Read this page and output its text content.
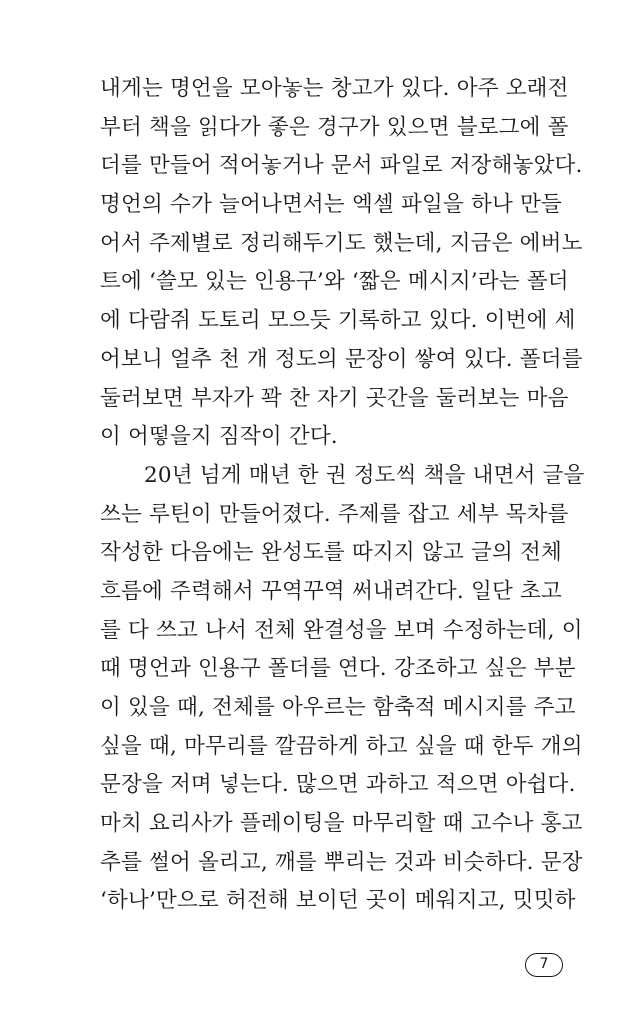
내게는 명언을 모아놓는 창고가 있다. 아주 오래전
부터 책을 읽다가 좋은 경구가 있으면 블로그에 폴
더를 만들어 적어놓거나 문서 파일로 저장해놓았다.
명언의 수가 늘어나면서는 엑셀 파일을 하나 만들
어서 주제별로 정리해두기도 했는데, 지금은 에버노
트에 ‘쓸모 있는 인용구’와 ‘짧은 메시지’라는 폴더
에 다람쥐 도토리 모으듯 기록하고 있다. 이번에 세
어보니 얼추 천 개 정도의 문장이 쌓여 있다. 폴더를
둘러보면 부자가 꽉 찬 자기 곳간을 둘러보는 마음
이 어떻을지 짐작이 간다.
20년 넘게 매년 한 권 정도씩 책을 내면서 글을
쓰는 루틴이 만들어졌다. 주제를 잡고 세부 목차를
작성한 다음에는 완성도를 따지지 않고 글의 전체
흐름에 주력해서 꾸역꾸역 써내려간다. 일단 초고
를 다 쓰고 나서 전체 완결성을 보며 수정하는데, 이
때 명언과 인용구 폴더를 연다. 강조하고 싶은 부분
이 있을 때, 전체를 아우르는 함축적 메시지를 주고
싶을 때, 마무리를 깔끔하게 하고 싶을 때 한두 개의
문장을 저며 넣는다. 많으면 과하고 적으면 아쉽다.
마치 요리사가 플레이팅을 마무리할 때 고수나 홍고
추를 썰어 올리고, 깨를 뿌리는 것과 비슷하다. 문장
‘하나’만으로 허전해 보이던 곳이 메워지고, 밋밋하
7
